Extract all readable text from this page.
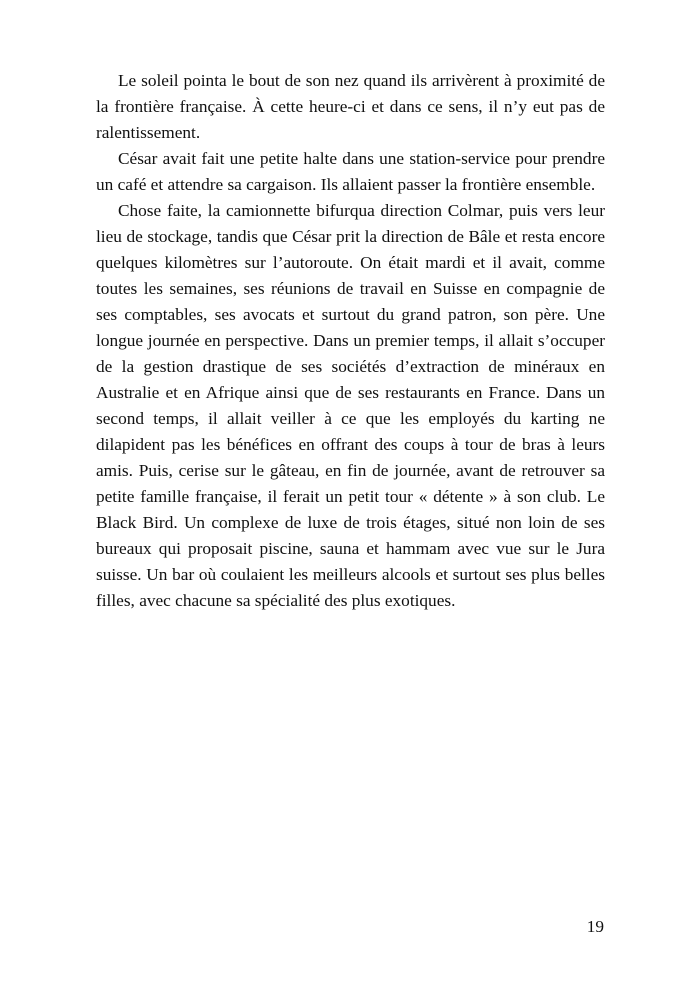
Le soleil pointa le bout de son nez quand ils arrivèrent à proximité de la frontière française. À cette heure-ci et dans ce sens, il n’y eut pas de ralentissement.

César avait fait une petite halte dans une station-service pour prendre un café et attendre sa cargaison. Ils allaient passer la frontière ensemble.

Chose faite, la camionnette bifurqua direction Colmar, puis vers leur lieu de stockage, tandis que César prit la direction de Bâle et resta encore quelques kilomètres sur l’autoroute. On était mardi et il avait, comme toutes les semaines, ses réunions de travail en Suisse en compagnie de ses comptables, ses avocats et surtout du grand patron, son père. Une longue journée en perspective. Dans un premier temps, il allait s’occuper de la gestion drastique de ses sociétés d’extraction de minéraux en Australie et en Afrique ainsi que de ses restaurants en France. Dans un second temps, il allait veiller à ce que les employés du karting ne dilapident pas les bénéfices en offrant des coups à tour de bras à leurs amis. Puis, cerise sur le gâteau, en fin de journée, avant de retrouver sa petite famille française, il ferait un petit tour « détente » à son club. Le Black Bird. Un complexe de luxe de trois étages, situé non loin de ses bureaux qui proposait piscine, sauna et hammam avec vue sur le Jura suisse. Un bar où coulaient les meilleurs alcools et surtout ses plus belles filles, avec chacune sa spécialité des plus exotiques.

19
